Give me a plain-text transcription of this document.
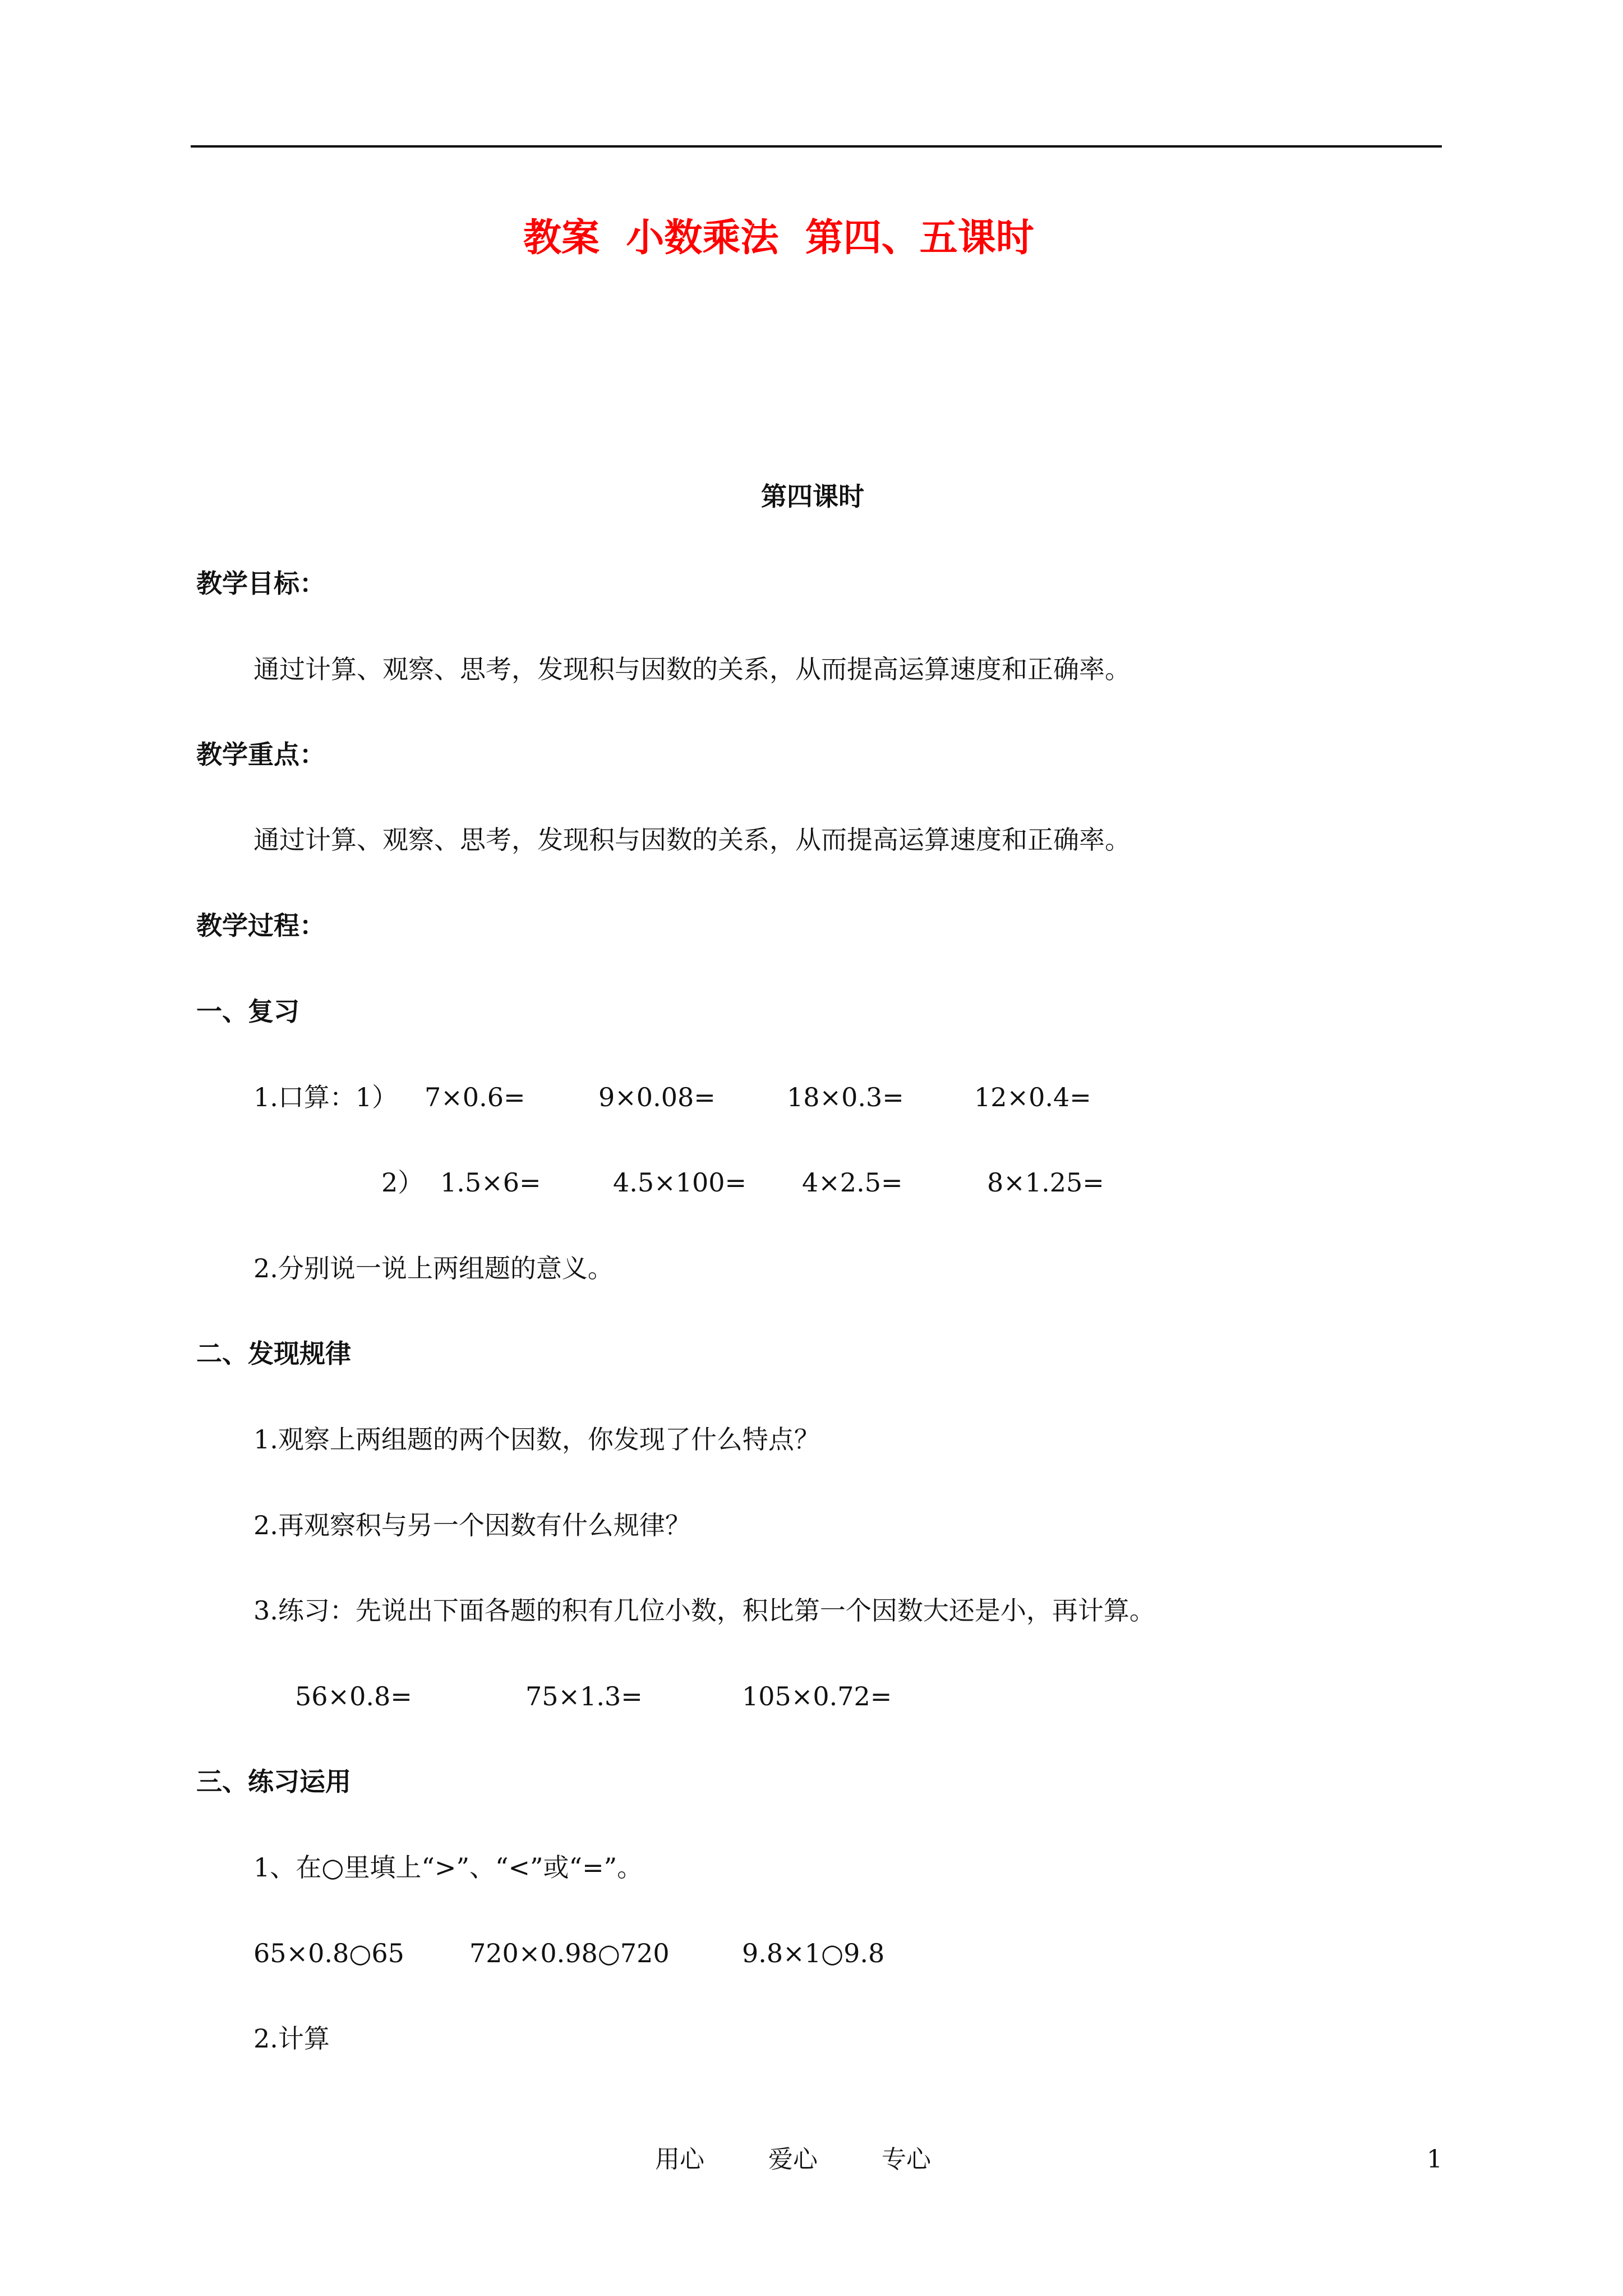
教案  小数乘法  第四、五课时
第四课时
教学目标：
通过计算、观察、思考，发现积与因数的关系，从而提高运算速度和正确率。
教学重点：
通过计算、观察、思考，发现积与因数的关系，从而提高运算速度和正确率。
教学过程：
一、复习
1.口算：1） 7×0.6=	9×0.08=	18×0.3=	12×0.4=
2） 1.5×6=	4.5×100= 4×2.5=	8×1.25=
2.分别说一说上两组题的意义。
二、发现规律
1.观察上两组题的两个因数，你发现了什么特点？
2.再观察积与另一个因数有什么规律？
3.练习：先说出下面各题的积有几位小数，积比第一个因数大还是小，再计算。
56×0.8=	75×1.3=	105×0.72=
三、练习运用
1、在○里填上“>”、“<”或“=”。
65×0.8○65	720×0.98○720	9.8×1○9.8
2.计算
用心	爱心	专心	1
